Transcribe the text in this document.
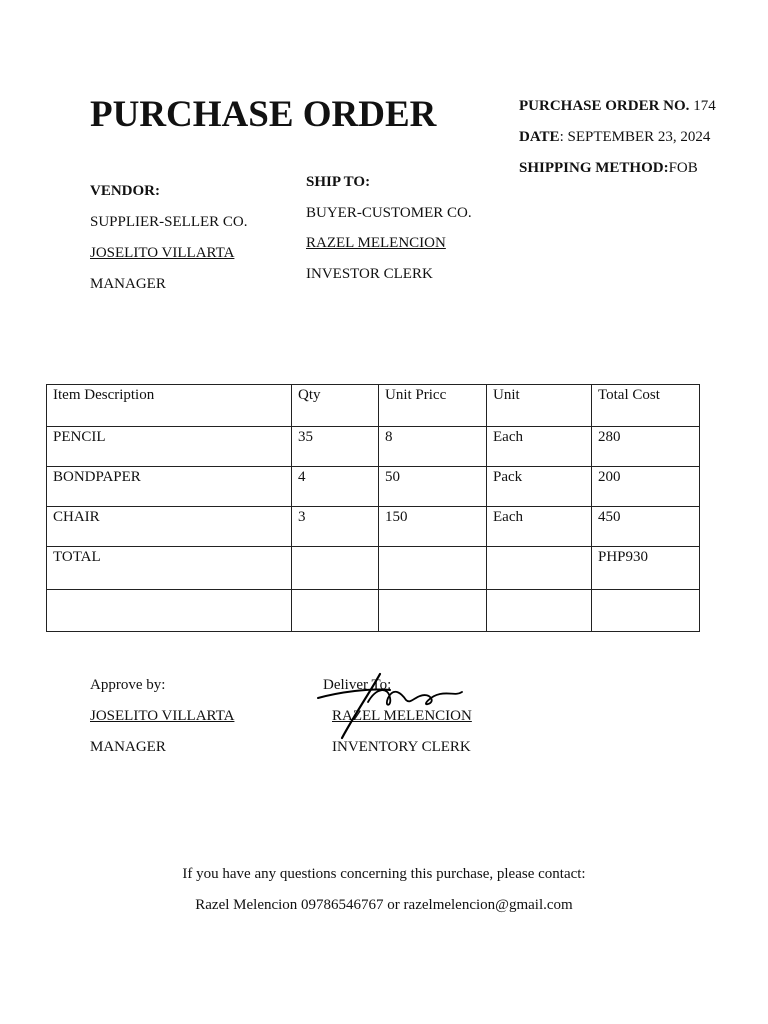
PURCHASE ORDER	PURCHASE ORDER NO. 174
DATE: SEPTEMBER 23, 2024
SHIPPING METHOD:FOB
VENDOR:
SUPPLIER-SELLER CO.
JOSELITO VILLARTA
MANAGER
SHIP TO:
BUYER-CUSTOMER CO.
RAZEL MELENCION
INVESTOR CLERK
Item Description	Qty	Unit Pricc	Unit	Total Cost
PENCIL	35	8	Each	280
BONDPAPER	4	50	Pack	200
CHAIR	3	150	Each	450
TOTAL				PHP930

Approve by:
JOSELITO VILLARTA
MANAGER
Deliver To:
RAZEL MELENCION
INVENTORY CLERK
If you have any questions concerning this purchase, please contact:
Razel Melencion 09786546767 or razelmelencion@gmail.com
